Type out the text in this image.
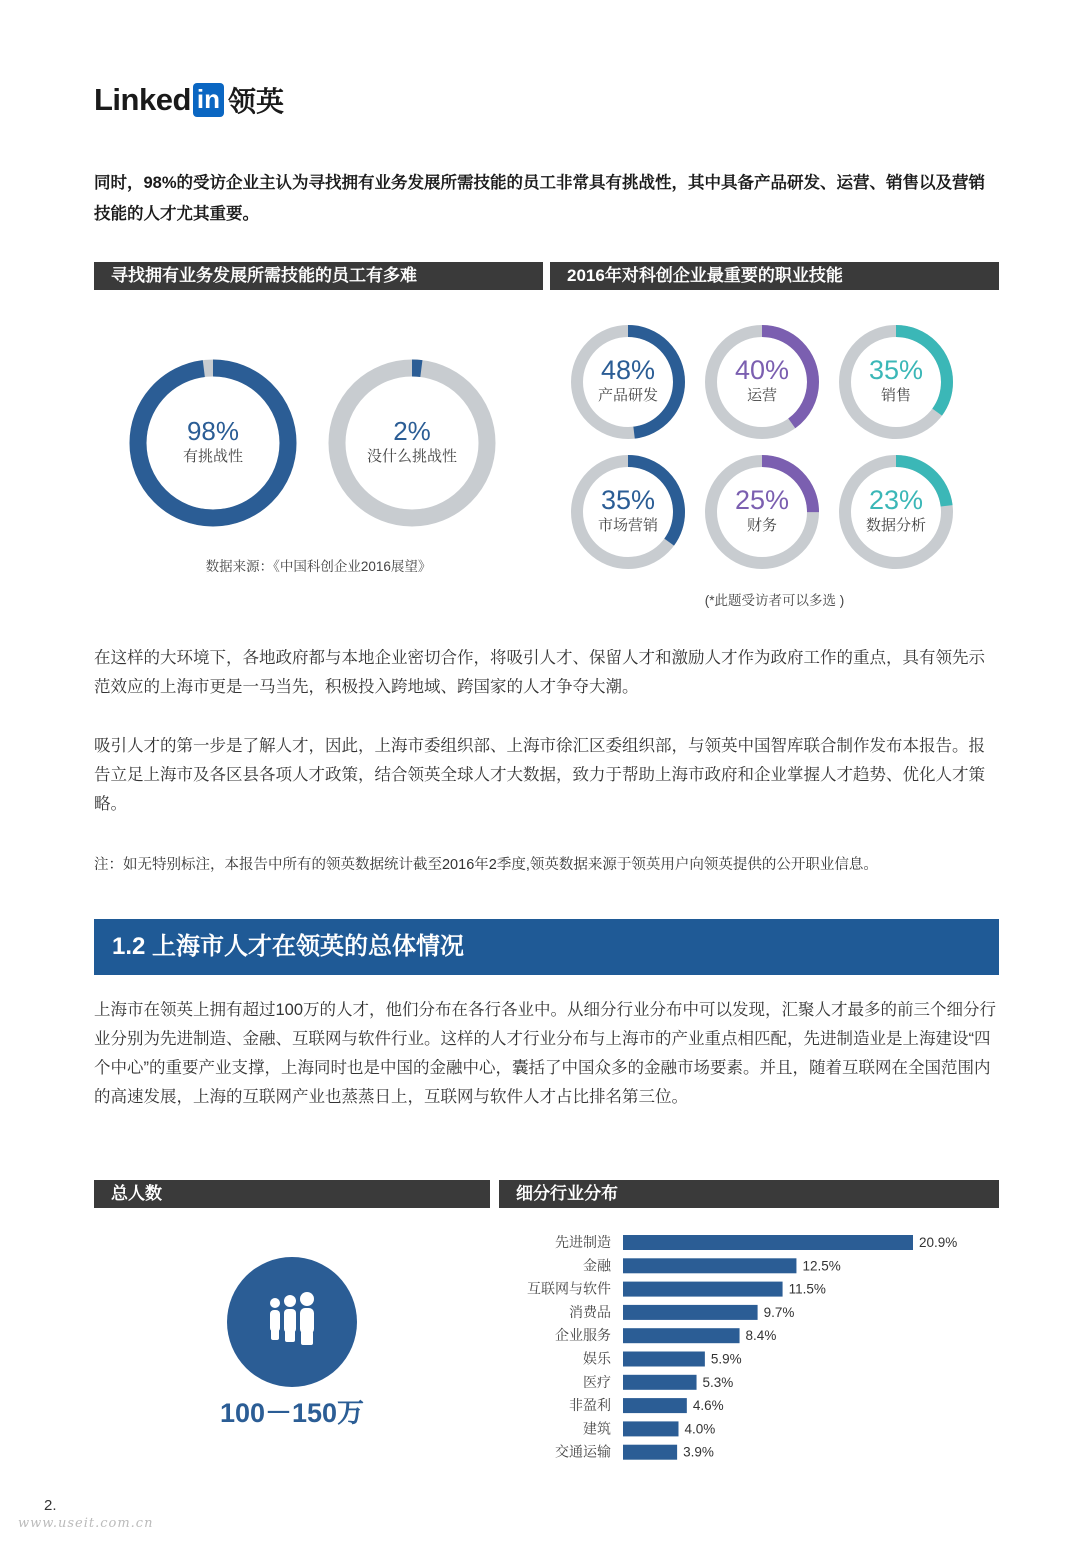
Linked in 领英

同时，98%的受访企业主认为寻找拥有业务发展所需技能的员工非常具有挑战性，其中具备产品研发、运营、销售以及营销技能的人才尤其重要。

寻找拥有业务发展所需技能的员工有多难	2016年对科创企业最重要的职业技能
98%
有挑战性
2%
没什么挑战性
数据来源：《中国科创企业2016展望》
48%
产品研发
40%
运营
35%
销售
35%
市场营销
25%
财务
23%
数据分析
(*此题受访者可以多选 )

在这样的大环境下，各地政府都与本地企业密切合作，将吸引人才、保留人才和激励人才作为政府工作的重点，具有领先示范效应的上海市更是一马当先，积极投入跨地域、跨国家的人才争夺大潮。

吸引人才的第一步是了解人才，因此，上海市委组织部、上海市徐汇区委组织部，与领英中国智库联合制作发布本报告。报告立足上海市及各区县各项人才政策，结合领英全球人才大数据，致力于帮助上海市政府和企业掌握人才趋势、优化人才策略。

注：如无特别标注，本报告中所有的领英数据统计截至2016年2季度,领英数据来源于领英用户向领英提供的公开职业信息。

1.2 上海市人才在领英的总体情况

上海市在领英上拥有超过100万的人才，他们分布在各行各业中。从细分行业分布中可以发现，汇聚人才最多的前三个细分行业分别为先进制造、金融、互联网与软件行业。这样的人才行业分布与上海市的产业重点相匹配，先进制造业是上海建设“四个中心”的重要产业支撑，上海同时也是中国的金融中心，囊括了中国众多的金融市场要素。并且，随着互联网在全国范围内的高速发展，上海的互联网产业也蒸蒸日上，互联网与软件人才占比排名第三位。

总人数	细分行业分布
100－150万
先进制造	20.9%
金融	12.5%
互联网与软件	11.5%
消费品	9.7%
企业服务	8.4%
娱乐	5.9%
医疗	5.3%
非盈利	4.6%
建筑	4.0%
交通运输	3.9%
2.
www.useit.com.cn
